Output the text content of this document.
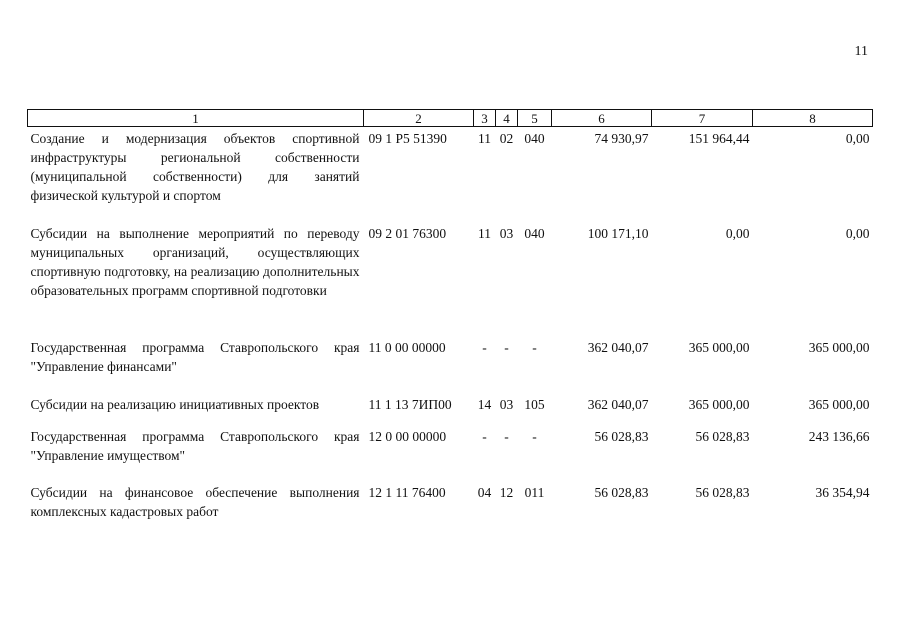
11
1	2	3	4	5	6	7	8
Создание и модернизация объектов спортивной инфраструктуры региональной собственности (муниципальной собственности) для занятий физической культурой и спортом	09 1 Р5 51390	11	02	040	74 930,97	151 964,44	0,00
Субсидии на выполнение мероприятий по переводу муниципальных организаций, осуществляющих спортивную подготовку, на реализацию дополнительных образовательных программ спортивной подготовки	09 2 01 76300	11	03	040	100 171,10	0,00	0,00
Государственная программа Ставропольского края "Управление финансами"	11 0 00 00000	-	-	-	362 040,07	365 000,00	365 000,00
Субсидии на реализацию инициативных проектов	11 1 13 7ИП00	14	03	105	362 040,07	365 000,00	365 000,00
Государственная программа Ставропольского края "Управление имуществом"	12 0 00 00000	-	-	-	56 028,83	56 028,83	243 136,66
Субсидии на финансовое обеспечение выполнения комплексных кадастровых работ	12 1 11 76400	04	12	011	56 028,83	56 028,83	36 354,94
